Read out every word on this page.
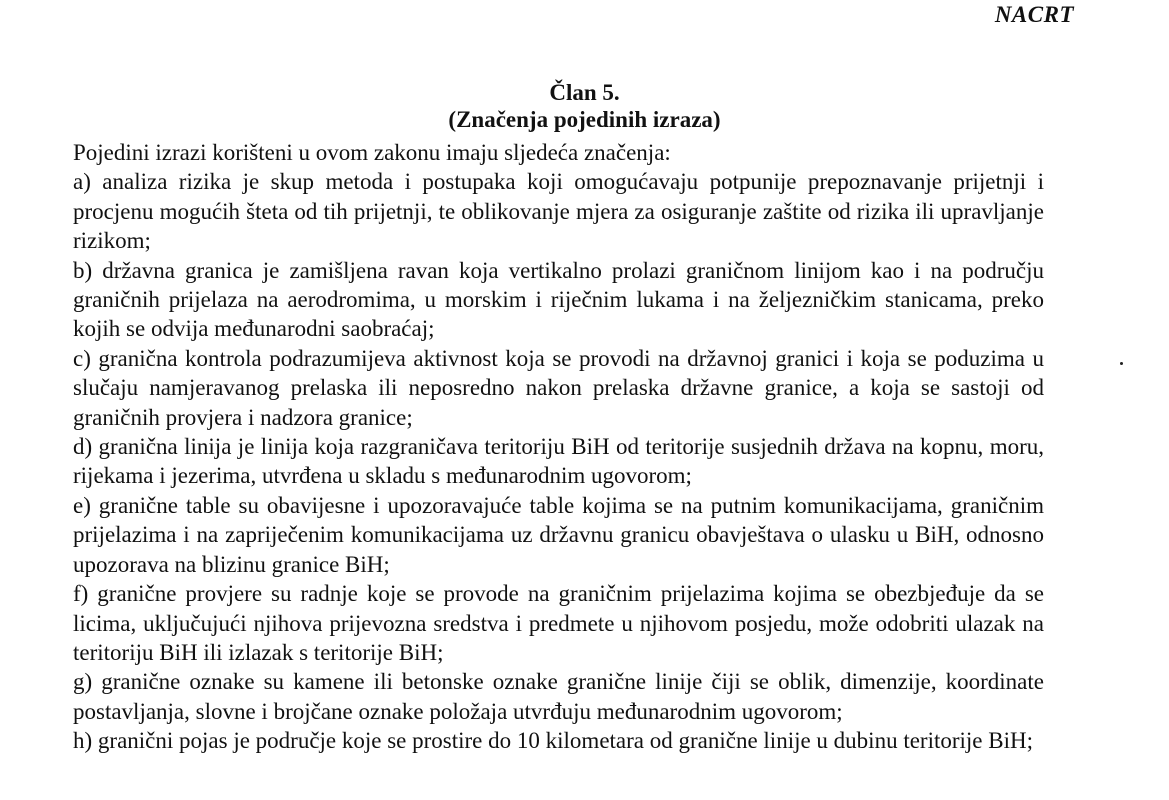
NACRT
Član 5.
(Značenja pojedinih izraza)

Pojedini izrazi korišteni u ovom zakonu imaju sljedeća značenja:

a) analiza rizika je skup metoda i postupaka koji omogućavaju potpunije prepoznavanje prijetnji i procjenu mogućih šteta od tih prijetnji, te oblikovanje mjera za osiguranje zaštite od rizika ili upravljanje rizikom;

b) državna granica je zamišljena ravan koja vertikalno prolazi graničnom linijom kao i na području graničnih prijelaza na aerodromima, u morskim i riječnim lukama i na željezničkim stanicama, preko kojih se odvija međunarodni saobraćaj;

c) granična kontrola podrazumijeva aktivnost koja se provodi na državnoj granici i koja se poduzima u slučaju namjeravanog prelaska ili neposredno nakon prelaska državne granice, a koja se sastoji od graničnih provjera i nadzora granice;

d) granična linija je linija koja razgraničava teritoriju BiH od teritorije susjednih država na kopnu, moru, rijekama i jezerima, utvrđena u skladu s međunarodnim ugovorom;

e) granične table su obavijesne i upozoravajuće table kojima se na putnim komunikacijama, graničnim prijelazima i na zapriječenim komunikacijama uz državnu granicu obavještava o ulasku u BiH, odnosno upozorava na blizinu granice BiH;

f) granične provjere su radnje koje se provode na graničnim prijelazima kojima se obezbjeđuje da se licima, uključujući njihova prijevozna sredstva i predmete u njihovom posjedu, može odobriti ulazak na teritoriju BiH ili izlazak s teritorije BiH;

g) granične oznake su kamene ili betonske oznake granične linije čiji se oblik, dimenzije, koordinate postavljanja, slovne i brojčane oznake položaja utvrđuju međunarodnim ugovorom;

h) granični pojas je područje koje se prostire do 10 kilometara od granične linije u dubinu teritorije BiH;
